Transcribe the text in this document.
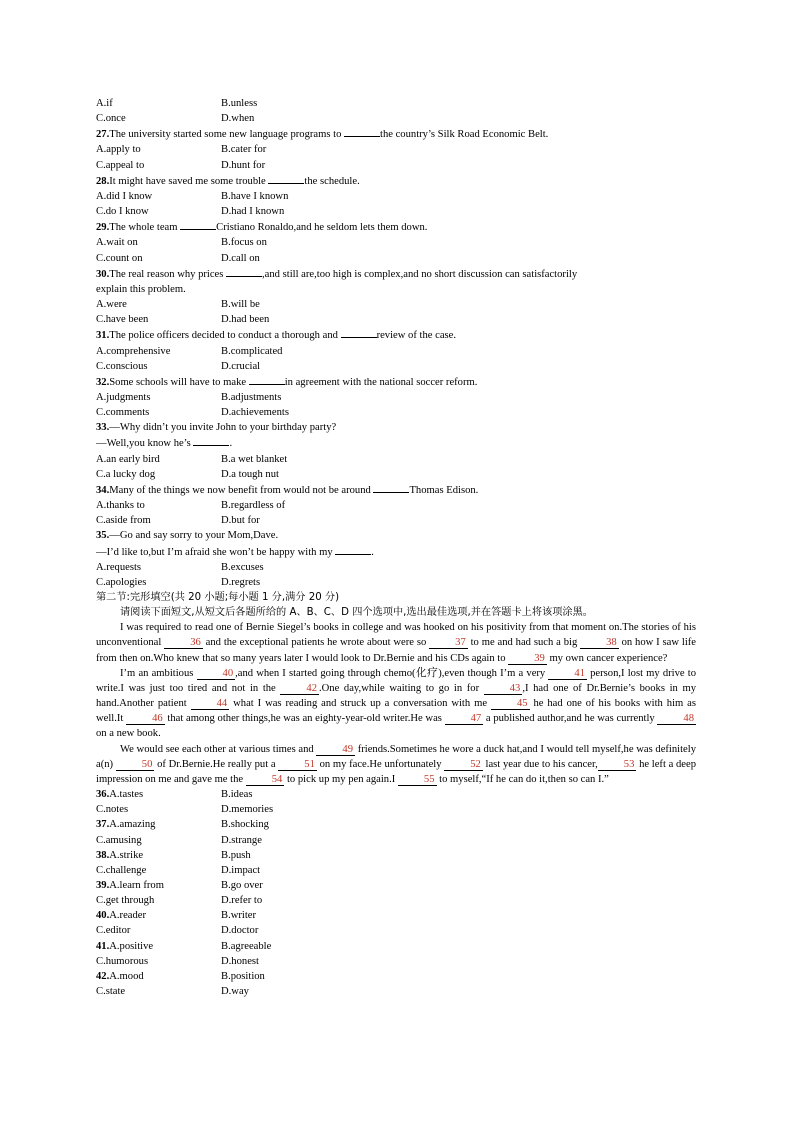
A.if	B.unless
C.once	D.when
27.The university started some new language programs to	the country’s Silk Road Economic Belt.
A.apply to	B.cater for
C.appeal to	D.hunt for
28.It might have saved me some trouble	the schedule.
A.did I know	B.have I known
C.do I know	D.had I known
29.The whole team	Cristiano Ronaldo,and he seldom lets them down.
A.wait on	B.focus on
C.count on	D.call on
30.The real reason why prices	,and still are,too high is complex,and no short discussion can satisfactorily
explain this problem.
A.were	B.will be
C.have been	D.had been
31.The police officers decided to conduct a thorough and	review of the case.
A.comprehensive	B.complicated
C.conscious	D.crucial
32.Some schools will have to make	in agreement with the national soccer reform.
A.judgments	B.adjustments
C.comments	D.achievements
33.—Why didn’t you invite John to your birthday party?
—Well,you know he’s	.
A.an early bird	B.a wet blanket
C.a lucky dog	D.a tough nut
34.Many of the things we now benefit from would not be around	Thomas Edison.
A.thanks to	B.regardless of
C.aside from	D.but for
35.—Go and say sorry to your Mom,Dave.
—I’d like to,but I’m afraid she won’t be happy with my	.
A.requests	B.excuses
C.apologies	D.regrets
第二节:完形填空(共 20 小题;每小题 1 分,满分 20 分)
请阅读下面短文,从短文后各题所给的 A、B、C、D 四个选项中,选出最佳选项,并在答题卡上将该项涂黑。
I was required to read one of Bernie Siegel’s books in college and was hooked on his positivity from that moment on.The stories of his unconventional 36 and the exceptional patients he wrote about were so 37 to me and had such a big 38 on how I saw life from then on.Who knew that so many years later I would look to Dr.Bernie and his CDs again to 39 my own cancer experience?
I’m an ambitious 40 ,and when I started going through chemo(化疗),even though I’m a very 41 person,I lost my drive to write.I was just too tired and not in the 42 .One day,while waiting to go in for 43 ,I had one of Dr.Bernie’s books in my hand.Another patient 44 what I was reading and struck up a conversation with me 45 he had one of his books with him as well.It 46 that among other things,he was an eighty-year-old writer.He was 47 a published author,and he was currently 48 on a new book.
We would see each other at various times and 49 friends.Sometimes he wore a duck hat,and I would tell myself,he was definitely a(n) 50 of Dr.Bernie.He really put a 51 on my face.He unfortunately 52 last year due to his cancer, 53 he left a deep impression on me and gave me the 54 to pick up my pen again.I 55 to myself,“If he can do it,then so can I.”
36.A.tastes	B.ideas
C.notes	D.memories
37.A.amazing	B.shocking
C.amusing	D.strange
38.A.strike	B.push
C.challenge	D.impact
39.A.learn from	B.go over
C.get through	D.refer to
40.A.reader	B.writer
C.editor	D.doctor
41.A.positive	B.agreeable
C.humorous	D.honest
42.A.mood	B.position
C.state	D.way
